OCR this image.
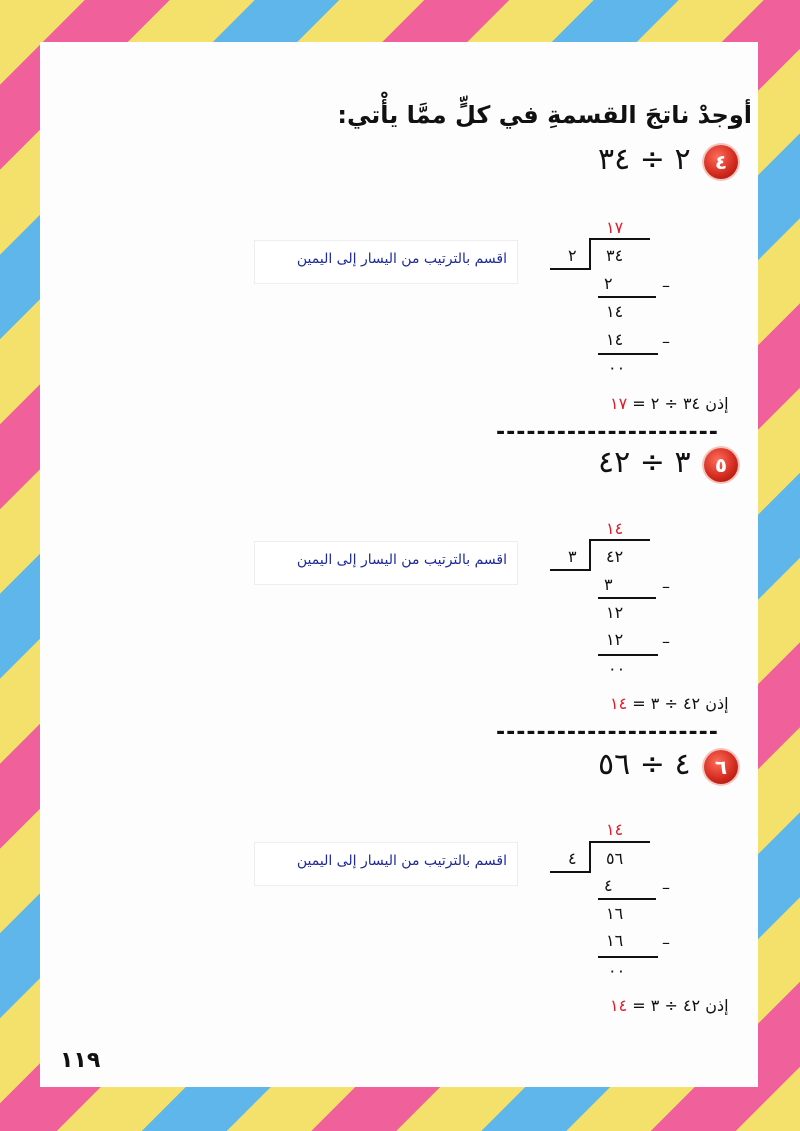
أوجدْ ناتجَ القسمةِ في كلٍّ ممَّا يأْتي:
٤
٢ ÷ ٣٤
اقسم بالترتيب من اليسار إلى اليمين
١٧
٢ ٣٤
٢	–
١٤
١٤ –
٠٠
١٧ إذن ٣٤ ÷ ٢ =
----------------------
٥
٣ ÷ ٤٢
اقسم بالترتيب من اليسار إلى اليمين
١٤
٣ ٤٢
٣	–
١٢
١٢ –
٠٠
١٤ إذن ٤٢ ÷ ٣ =
----------------------
٦
٤ ÷ ٥٦
اقسم بالترتيب من اليسار إلى اليمين
١٤
٤ ٥٦
٤	–
١٦
١٦ –
٠٠
١٤ إذن ٤٢ ÷ ٣ =
١١٩
